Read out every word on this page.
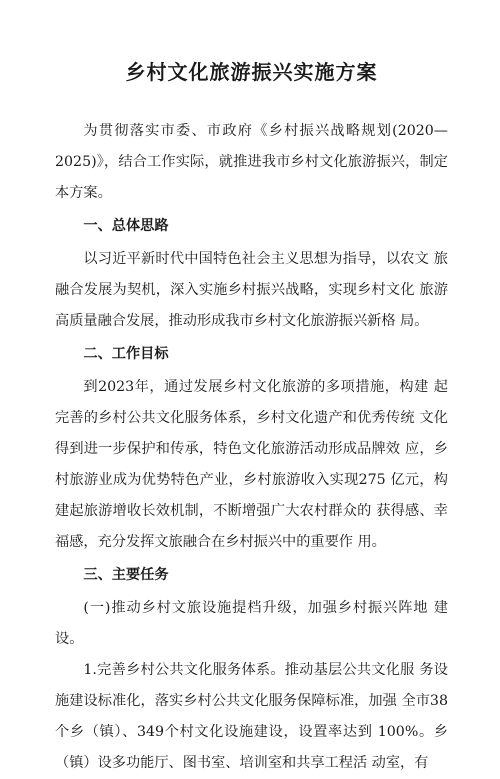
乡村文化旅游振兴实施方案

为贯彻落实市委、市政府《乡村振兴战略规划(2020—2025)》，结合工作实际，就推进我市乡村文化旅游振兴，制定本方案。

一、总体思路

以习近平新时代中国特色社会主义思想为指导，以农文 旅融合发展为契机，深入实施乡村振兴战略，实现乡村文化 旅游高质量融合发展，推动形成我市乡村文化旅游振兴新格 局。

二、工作目标

到2023年，通过发展乡村文化旅游的多项措施，构建 起完善的乡村公共文化服务体系，乡村文化遗产和优秀传统 文化得到进一步保护和传承，特色文化旅游活动形成品牌效 应，乡村旅游业成为优势特色产业，乡村旅游收入实现275 亿元，构建起旅游增收长效机制，不断增强广大农村群众的 获得感、幸福感，充分发挥文旅融合在乡村振兴中的重要作 用。

三、主要任务

(一)推动乡村文旅设施提档升级，加强乡村振兴阵地 建设。

1.完善乡村公共文化服务体系。推动基层公共文化服 务设施建设标准化，落实乡村公共文化服务保障标准，加强 全市38个乡（镇）、349个村文化设施建设，设置率达到 100%。乡（镇）设多功能厅、图书室、培训室和共享工程活 动室，有
